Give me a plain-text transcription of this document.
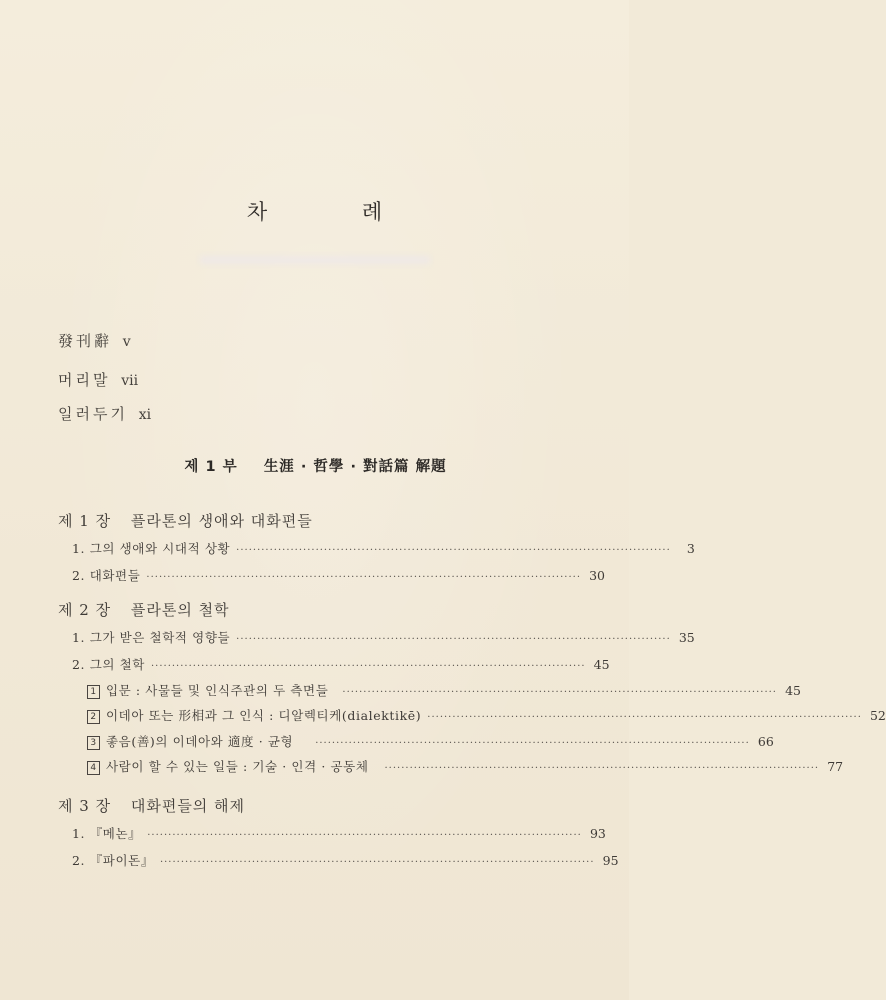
차 례
發刊辭 v
머리말 vii
일러두기 xi
제 1 부 生涯 · 哲學 · 對話篇 解題
제 1 장 플라톤의 생애와 대화편들
1. 그의 생애와 시대적 상황 ········································································································	3
2. 대화편들 ········································································································ 30
제 2 장 플라톤의 철학
1. 그가 받은 철학적 영향들 ········································································································ 35
2. 그의 철학 ········································································································ 45
1 입문 : 사물들 및 인식주관의 두 측면들 ········································································································ 45
2 이데아 또는 形相과 그 인식 : 디알렉티케(dialektikē) ········································································································ 52
3 좋음(善)의 이데아와 適度 · 균형 ········································································································ 66
4 사람이 할 수 있는 일들 : 기술 · 인격 · 공동체 ········································································································ 77
제 3 장 대화편들의 해제
1. 『메논』 ········································································································ 93
2. 『파이돈』 ········································································································ 95
